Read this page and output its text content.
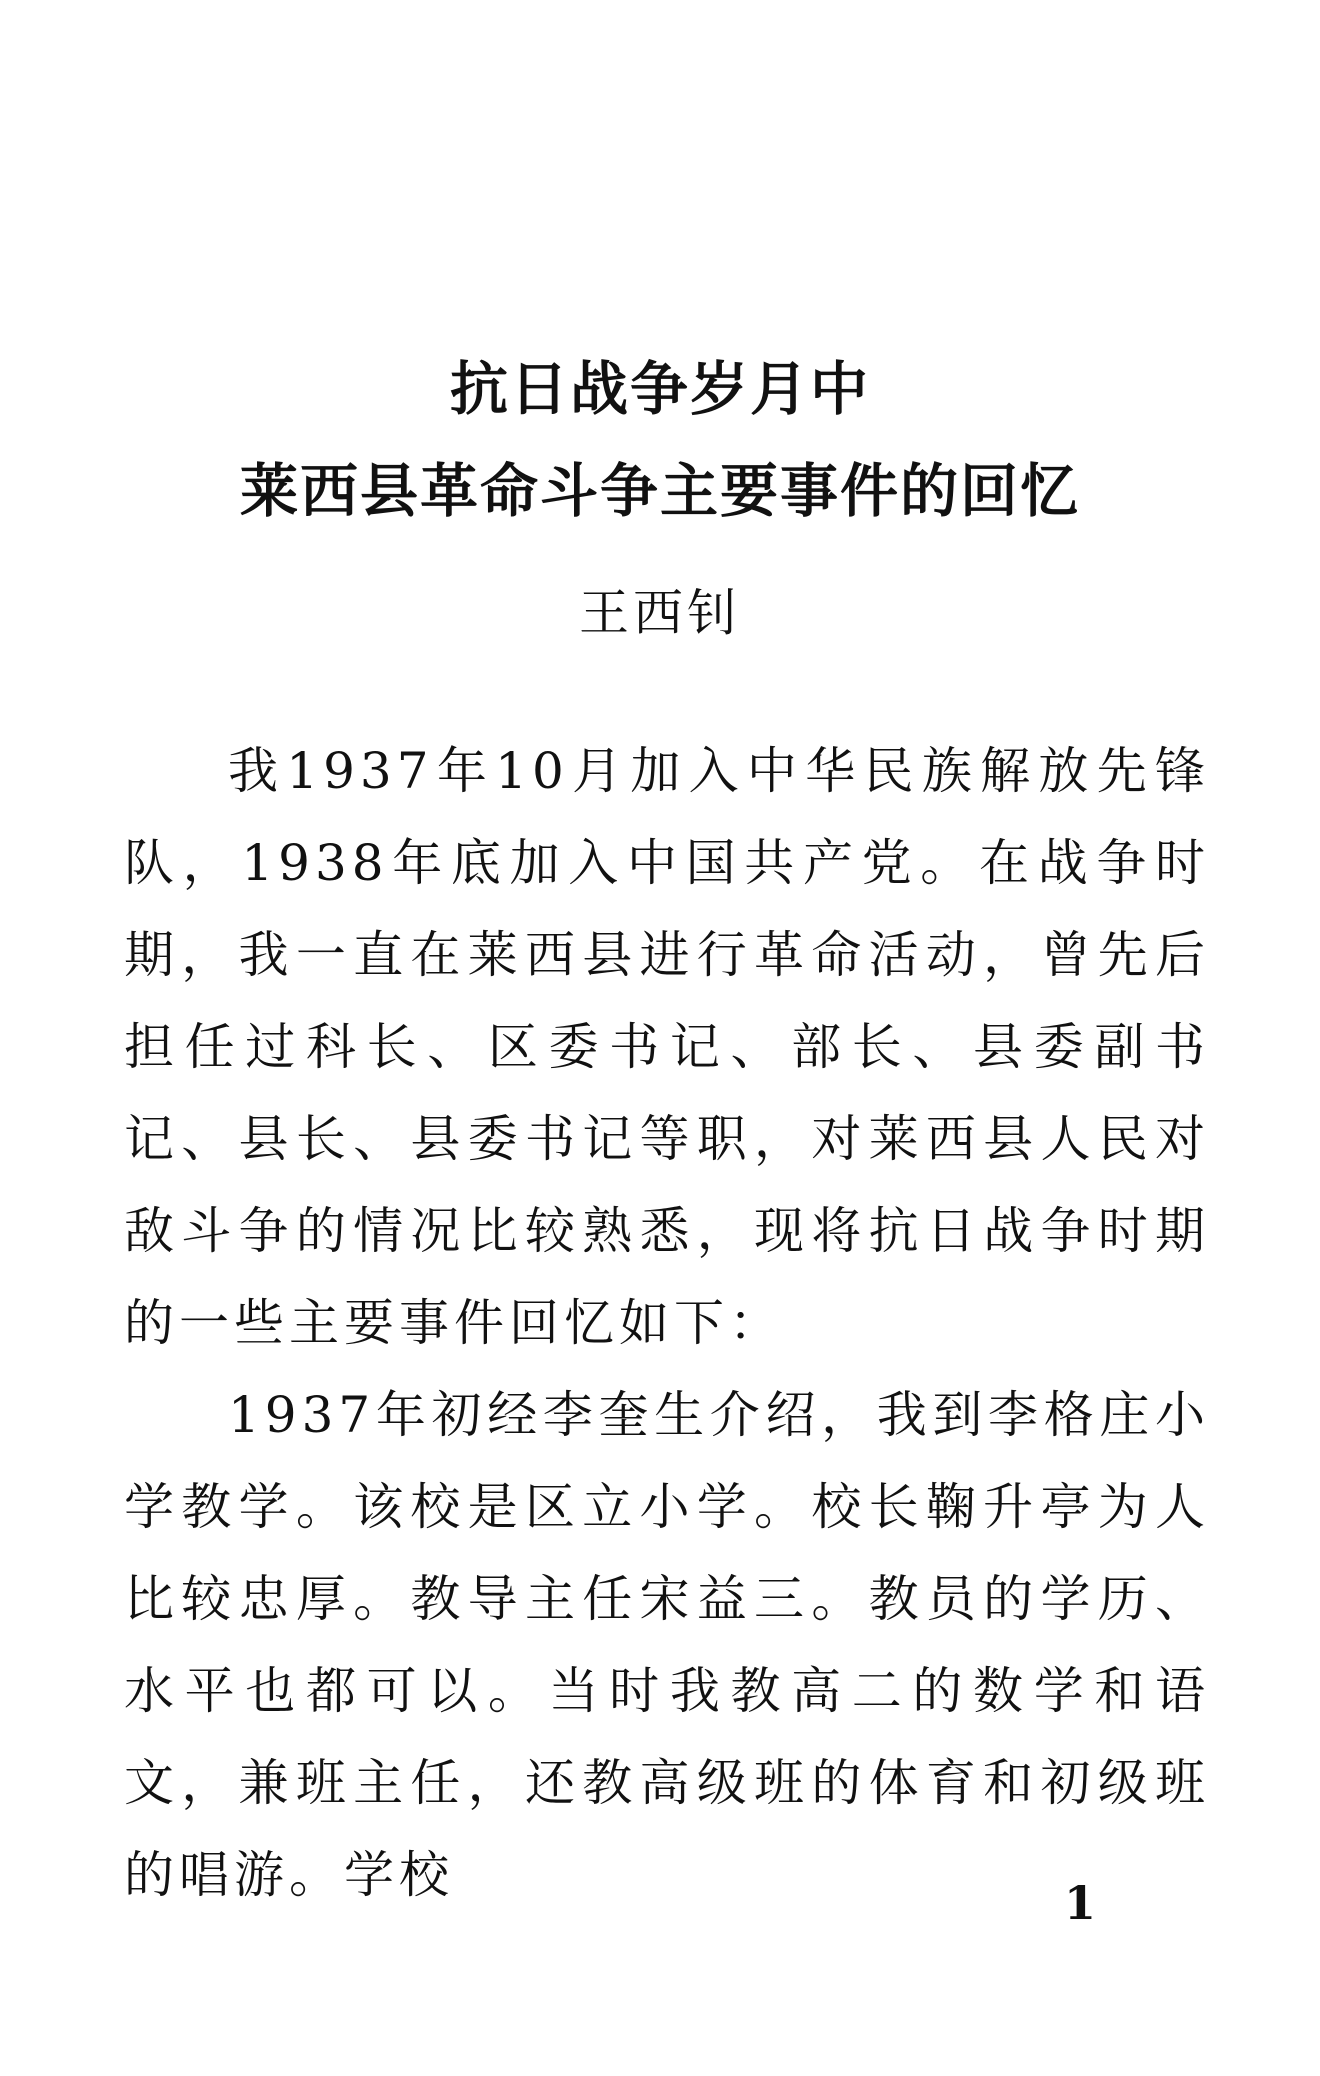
抗日战争岁月中
莱西县革命斗争主要事件的回忆
王西钊

我1937年10月加入中华民族解放先锋队，1938年底加入中国共产党。在战争时期，我一直在莱西县进行革命活动，曾先后担任过科长、区委书记、部长、县委副书记、县长、县委书记等职，对莱西县人民对敌斗争的情况比较熟悉，现将抗日战争时期的一些主要事件回忆如下：

1937年初经李奎生介绍，我到李格庄小学教学。该校是区立小学。校长鞠升亭为人比较忠厚。教导主任宋益三。教员的学历、水平也都可以。当时我教高二的数学和语文，兼班主任，还教高级班的体育和初级班的唱游。学校	1
